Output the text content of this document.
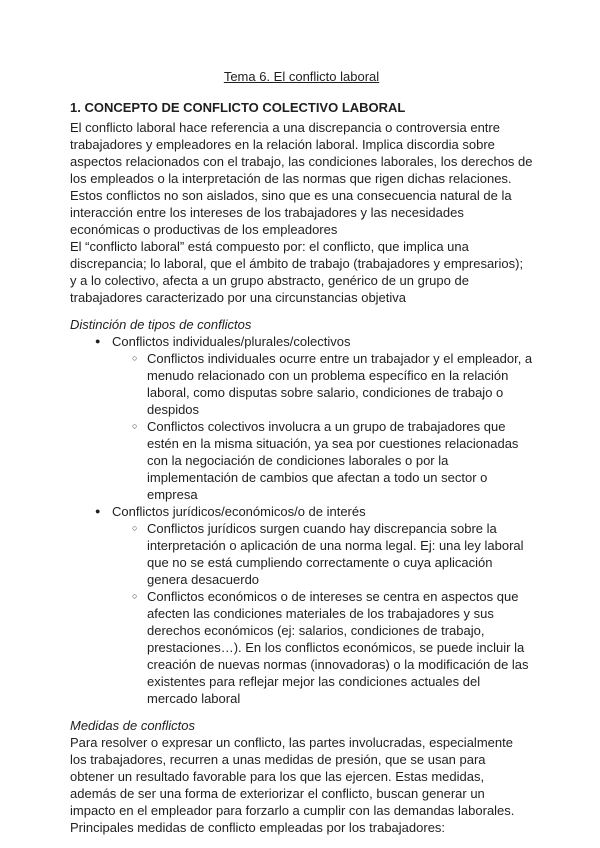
Tema 6. El conflicto laboral
1. CONCEPTO DE CONFLICTO COLECTIVO LABORAL

El conflicto laboral hace referencia a una discrepancia o controversia entre trabajadores y empleadores en la relación laboral. Implica discordia sobre aspectos relacionados con el trabajo, las condiciones laborales, los derechos de los empleados o la interpretación de las normas que rigen dichas relaciones. Estos conflictos no son aislados, sino que es una consecuencia natural de la interacción entre los intereses de los trabajadores y las necesidades económicas o productivas de los empleadores

El “conflicto laboral” está compuesto por: el conflicto, que implica una discrepancia; lo laboral, que el ámbito de trabajo (trabajadores y empresarios); y a lo colectivo, afecta a un grupo abstracto, genérico de un grupo de trabajadores caracterizado por una circunstancias objetiva

Distinción de tipos de conflictos
● Conflictos individuales/plurales/colectivos
○ Conflictos individuales ocurre entre un trabajador y el empleador, a menudo relacionado con un problema específico en la relación laboral, como disputas sobre salario, condiciones de trabajo o despidos
○ Conflictos colectivos involucra a un grupo de trabajadores que estén en la misma situación, ya sea por cuestiones relacionadas con la negociación de condiciones laborales o por la implementación de cambios que afectan a todo un sector o empresa
● Conflictos jurídicos/económicos/o de interés
○ Conflictos jurídicos surgen cuando hay discrepancia sobre la interpretación o aplicación de una norma legal. Ej: una ley laboral que no se está cumpliendo correctamente o cuya aplicación genera desacuerdo
○ Conflictos económicos o de intereses se centra en aspectos que afecten las condiciones materiales de los trabajadores y sus derechos económicos (ej: salarios, condiciones de trabajo, prestaciones…). En los conflictos económicos, se puede incluir la creación de nuevas normas (innovadoras) o la modificación de las existentes para reflejar mejor las condiciones actuales del mercado laboral
Medidas de conflictos

Para resolver o expresar un conflicto, las partes involucradas, especialmente los trabajadores, recurren a unas medidas de presión, que se usan para obtener un resultado favorable para los que las ejercen. Estas medidas, además de ser una forma de exteriorizar el conflicto, buscan generar un impacto en el empleador para forzarlo a cumplir con las demandas laborales. Principales medidas de conflicto empleadas por los trabajadores:
